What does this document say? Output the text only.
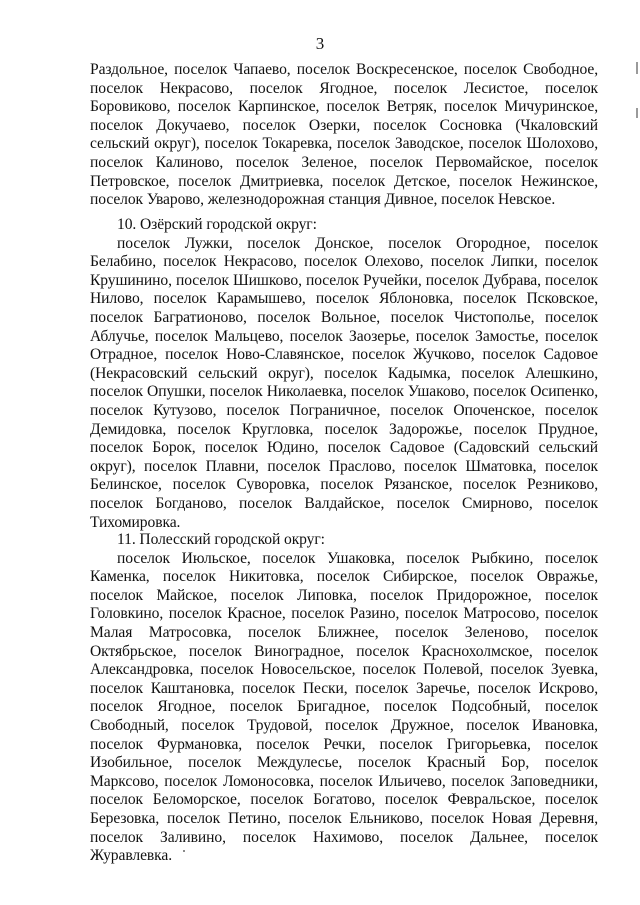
3

Раздольное, поселок Чапаево, поселок Воскресенское, поселок Свободное, поселок Некрасово, поселок Ягодное, поселок Лесистое, поселок Боровиково, поселок Карпинское, поселок Ветряк, поселок Мичуринское, поселок Докучаево, поселок Озерки, поселок Сосновка (Чкаловский сельский округ), поселок Токаревка, поселок Заводское, поселок Шолохово, поселок Калиново, поселок Зеленое, поселок Первомайское, поселок Петровское, поселок Дмитриевка, поселок Детское, поселок Нежинское, поселок Уварово, железнодорожная станция Дивное, поселок Невское.

10. Озёрский городской округ:

поселок Лужки, поселок Донское, поселок Огородное, поселок Белабино, поселок Некрасово, поселок Олехово, поселок Липки, поселок Крушинино, поселок Шишково, поселок Ручейки, поселок Дубрава, поселок Нилово, поселок Карамышево, поселок Яблоновка, поселок Псковское, поселок Багратионово, поселок Вольное, поселок Чистополье, поселок Аблучье, поселок Мальцево, поселок Заозерье, поселок Замостье, поселок Отрадное, поселок Ново-Славянское, поселок Жучково, поселок Садовое (Некрасовский сельский округ), поселок Кадымка, поселок Алешкино, поселок Опушки, поселок Николаевка, поселок Ушаково, поселок Осипенко, поселок Кутузово, поселок Пограничное, поселок Опоченское, поселок Демидовка, поселок Кругловка, поселок Задорожье, поселок Прудное, поселок Борок, поселок Юдино, поселок Садовое (Садовский сельский округ), поселок Плавни, поселок Праслово, поселок Шматовка, поселок Белинское, поселок Суворовка, поселок Рязанское, поселок Резниково, поселок Богданово, поселок Валдайское, поселок Смирново, поселок Тихомировка.

11. Полесский городской округ:

поселок Июльское, поселок Ушаковка, поселок Рыбкино, поселок Каменка, поселок Никитовка, поселок Сибирское, поселок Овражье, поселок Майское, поселок Липовка, поселок Придорожное, поселок Головкино, поселок Красное, поселок Разино, поселок Матросово, поселок Малая Матросовка, поселок Ближнее, поселок Зеленово, поселок Октябрьское, поселок Виноградное, поселок Краснохолмское, поселок Александровка, поселок Новосельское, поселок Полевой, поселок Зуевка, поселок Каштановка, поселок Пески, поселок Заречье, поселок Искрово, поселок Ягодное, поселок Бригадное, поселок Подсобный, поселок Свободный, поселок Трудовой, поселок Дружное, поселок Ивановка, поселок Фурмановка, поселок Речки, поселок Григорьевка, поселок Изобильное, поселок Междулесье, поселок Красный Бор, поселок Марксово, поселок Ломоносовка, поселок Ильичево, поселок Заповедники, поселок Беломорское, поселок Богатово, поселок Февральское, поселок Березовка, поселок Петино, поселок Ельниково, поселок Новая Деревня, поселок Заливино, поселок Нахимово, поселок Дальнее, поселок Журавлевка.
